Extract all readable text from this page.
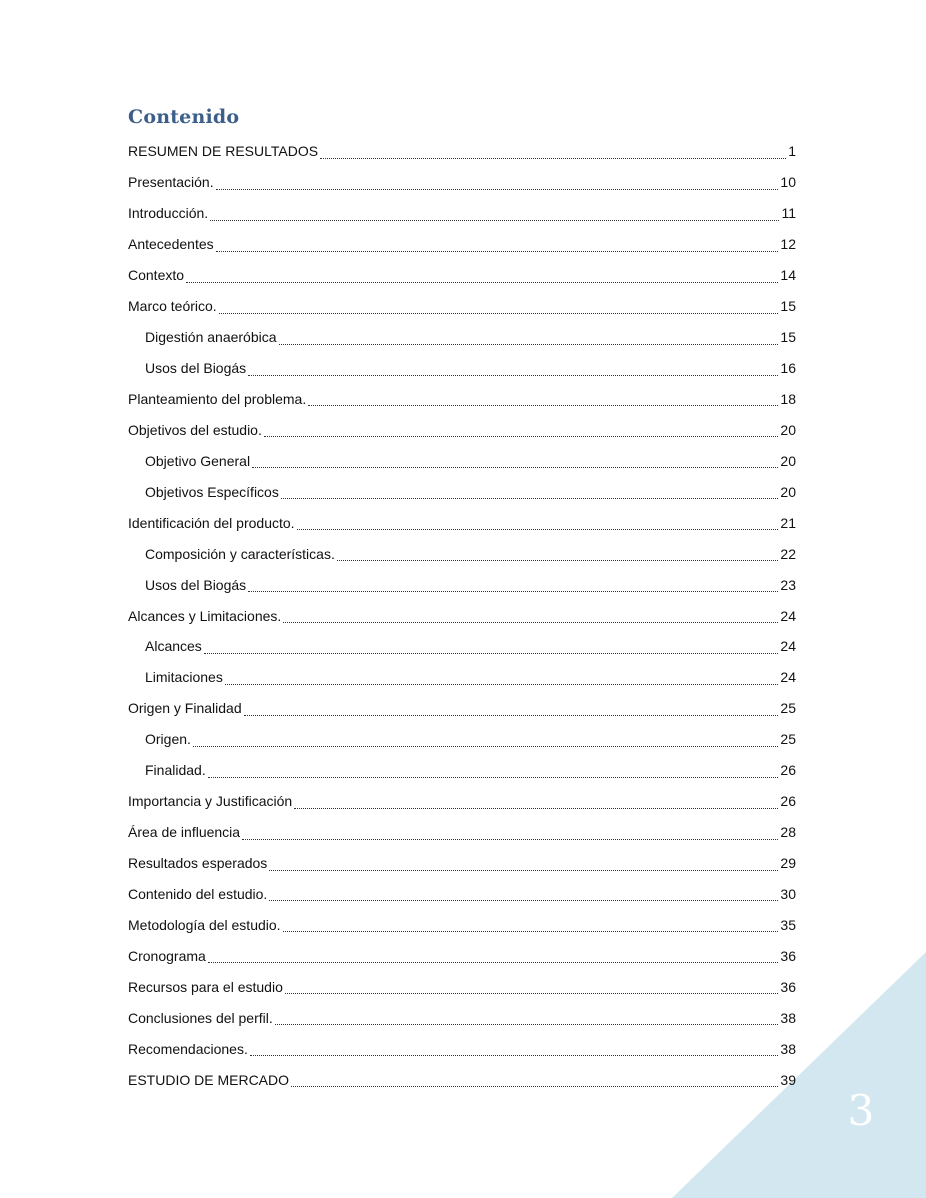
Contenido
RESUMEN DE RESULTADOS	1
Presentación.	10
Introducción.	11
Antecedentes	12
Contexto	14
Marco teórico.	15
Digestión anaeróbica	15
Usos del Biogás	16
Planteamiento del problema.	18
Objetivos del estudio.	20
Objetivo General	20
Objetivos Específicos	20
Identificación del producto.	21
Composición y características.	22
Usos del Biogás	23
Alcances y Limitaciones.	24
Alcances	24
Limitaciones	24
Origen y Finalidad	25
Origen.	25
Finalidad.	26
Importancia y Justificación	26
Área de influencia	28
Resultados esperados	29
Contenido del estudio.	30
Metodología del estudio.	35
Cronograma	36
Recursos para el estudio	36
Conclusiones del perfil.	38
Recomendaciones.	38
ESTUDIO DE MERCADO	39
3
